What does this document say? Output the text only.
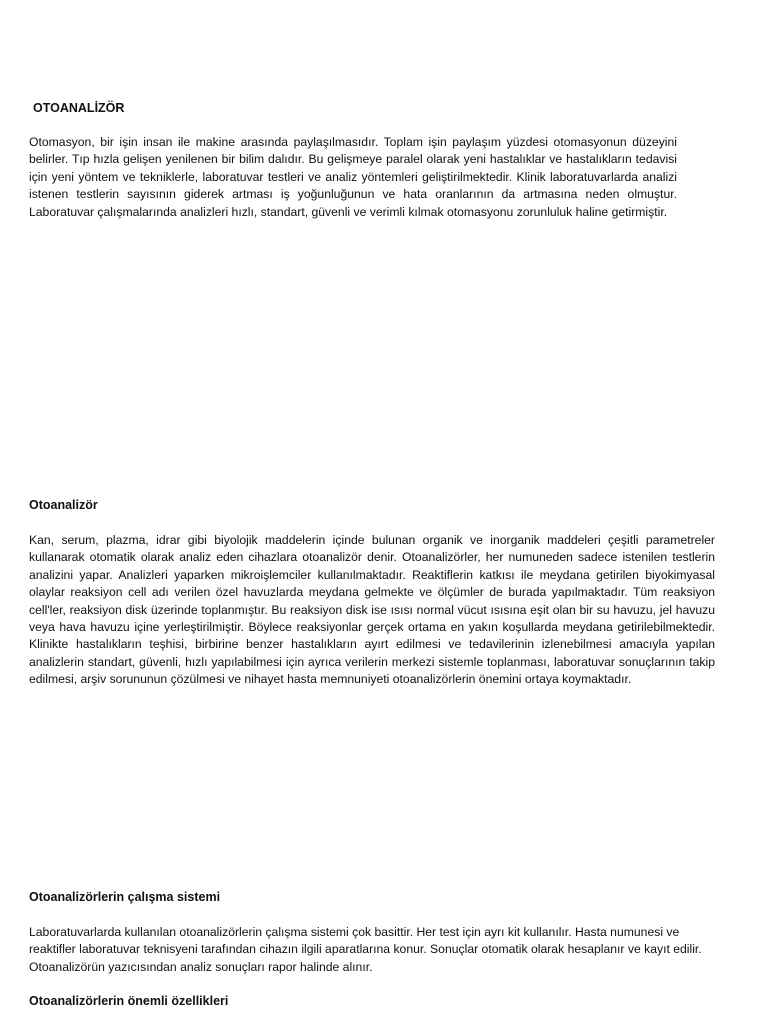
OTOANALİZÖR
Otomasyon, bir işin insan ile makine arasında paylaşılmasıdır. Toplam işin paylaşım yüzdesi otomasyonun düzeyini belirler. Tıp hızla gelişen yenilenen bir bilim dalıdır. Bu gelişmeye paralel olarak yeni hastalıklar ve hastalıkların tedavisi için yeni yöntem ve tekniklerle, laboratuvar testleri ve analiz yöntemleri geliştirilmektedir. Klinik laboratuvarlarda analizi istenen testlerin sayısının giderek artması iş yoğunluğunun ve hata oranlarının da artmasına neden olmuştur. Laboratuvar çalışmalarında analizleri hızlı, standart, güvenli ve verimli kılmak otomasyonu zorunluluk haline getirmiştir.
Otoanalizör
Kan, serum, plazma, idrar gibi biyolojik maddelerin içinde bulunan organik ve inorganik maddeleri çeşitli parametreler kullanarak otomatik olarak analiz eden cihazlara otoanalizör denir. Otoanalizörler, her numuneden sadece istenilen testlerin analizini yapar. Analizleri yaparken mikroişlemciler kullanılmaktadır. Reaktiflerin katkısı ile meydana getirilen biyokimyasal olaylar reaksiyon cell adı verilen özel havuzlarda meydana gelmekte ve ölçümler de burada yapılmaktadır. Tüm reaksiyon cell'ler, reaksiyon disk üzerinde toplanmıştır. Bu reaksiyon disk ise ısısı normal vücut ısısına eşit olan bir su havuzu, jel havuzu veya hava havuzu içine yerleştirilmiştir. Böylece reaksiyonlar gerçek ortama en yakın koşullarda meydana getirilebilmektedir. Klinikte hastalıkların teşhisi, birbirine benzer hastalıkların ayırt edilmesi ve tedavilerinin izlenebilmesi amacıyla yapılan analizlerin standart, güvenli, hızlı yapılabilmesi için ayrıca verilerin merkezi sistemle toplanması, laboratuvar sonuçlarının takip edilmesi, arşiv sorununun çözülmesi ve nihayet hasta memnuniyeti otoanalizörlerin önemini ortaya koymaktadır.
Otoanalizörlerin çalışma sistemi
Laboratuvarlarda kullanılan otoanalizörlerin çalışma sistemi çok basittir. Her test için ayrı kit kullanılır. Hasta numunesi ve reaktifler laboratuvar teknisyeni tarafından cihazın ilgili aparatlarına konur. Sonuçlar otomatik olarak hesaplanır ve kayıt edilir. Otoanalizörün yazıcısından analiz sonuçları rapor halinde alınır.
Otoanalizörlerin önemli özellikleri
